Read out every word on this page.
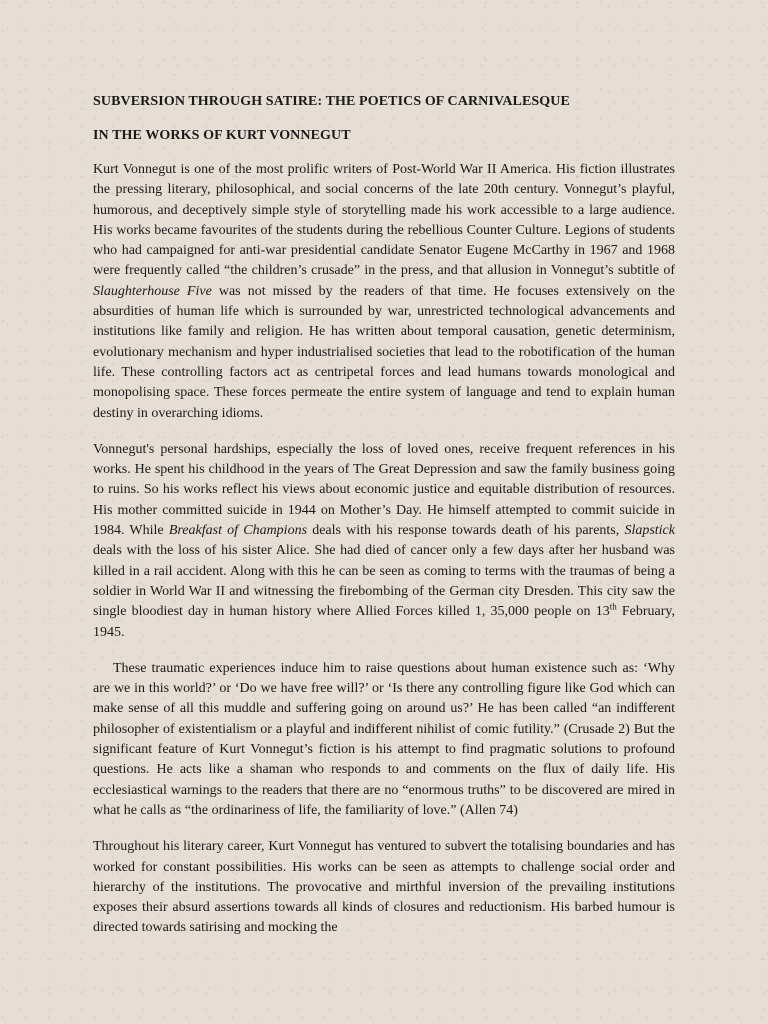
SUBVERSION THROUGH SATIRE: THE POETICS OF CARNIVALESQUE

IN THE WORKS OF KURT VONNEGUT

Kurt Vonnegut is one of the most prolific writers of Post-World War II America. His fiction illustrates the pressing literary, philosophical, and social concerns of the late 20th century. Vonnegut’s playful, humorous, and deceptively simple style of storytelling made his work accessible to a large audience. His works became favourites of the students during the rebellious Counter Culture. Legions of students who had campaigned for anti-war presidential candidate Senator Eugene McCarthy in 1967 and 1968 were frequently called “the children’s crusade” in the press, and that allusion in Vonnegut’s subtitle of Slaughterhouse Five was not missed by the readers of that time. He focuses extensively on the absurdities of human life which is surrounded by war, unrestricted technological advancements and institutions like family and religion. He has written about temporal causation, genetic determinism, evolutionary mechanism and hyper industrialised societies that lead to the robotification of the human life. These controlling factors act as centripetal forces and lead humans towards monological and monopolising space. These forces permeate the entire system of language and tend to explain human destiny in overarching idioms.

Vonnegut's personal hardships, especially the loss of loved ones, receive frequent references in his works. He spent his childhood in the years of The Great Depression and saw the family business going to ruins. So his works reflect his views about economic justice and equitable distribution of resources. His mother committed suicide in 1944 on Mother’s Day. He himself attempted to commit suicide in 1984. While Breakfast of Champions deals with his response towards death of his parents, Slapstick deals with the loss of his sister Alice. She had died of cancer only a few days after her husband was killed in a rail accident. Along with this he can be seen as coming to terms with the traumas of being a soldier in World War II and witnessing the firebombing of the German city Dresden. This city saw the single bloodiest day in human history where Allied Forces killed 1, 35,000 people on 13th February, 1945.

These traumatic experiences induce him to raise questions about human existence such as: ‘Why are we in this world?’ or ‘Do we have free will?’ or ‘Is there any controlling figure like God which can make sense of all this muddle and suffering going on around us?’ He has been called “an indifferent philosopher of existentialism or a playful and indifferent nihilist of comic futility.” (Crusade 2) But the significant feature of Kurt Vonnegut’s fiction is his attempt to find pragmatic solutions to profound questions. He acts like a shaman who responds to and comments on the flux of daily life. His ecclesiastical warnings to the readers that there are no “enormous truths” to be discovered are mired in what he calls as “the ordinariness of life, the familiarity of love.” (Allen 74)

Throughout his literary career, Kurt Vonnegut has ventured to subvert the totalising boundaries and has worked for constant possibilities. His works can be seen as attempts to challenge social order and hierarchy of the institutions. The provocative and mirthful inversion of the prevailing institutions exposes their absurd assertions towards all kinds of closures and reductionism. His barbed humour is directed towards satirising and mocking the
